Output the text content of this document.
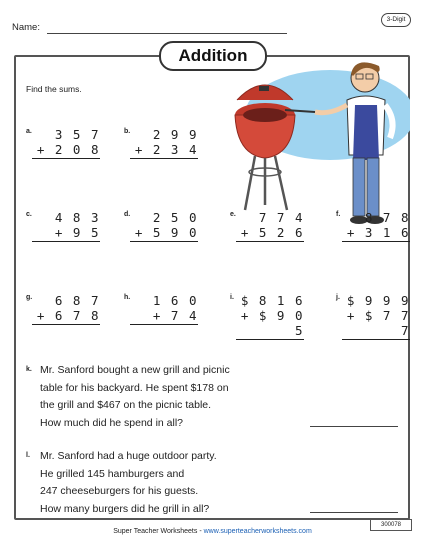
Name:
3-Digit
Addition
Find the sums.
a.	3 5 7
+ 2 0 8
b.	2 9 9
+ 2 3 4
c.	4 8 3
+ 9 5
d.	2 5 0
+ 5 9 0
e.	7 7 4
+ 5 2 6
f.	8 7 8
+ 3 1 6
g.	6 8 7
+ 6 7 8
h.	1 6 0
+ 7 4
i. $ 8 1 6
+ $ 9 0 5
j. $ 9 9 9
+ $ 7 7 7
k. Mr. Sanford bought a new grill and picnic
table for his backyard. He spent $178 on
the grill and $467 on the picnic table.
How much did he spend in all?
l. Mr. Sanford had a huge outdoor party.
He grilled 145 hamburgers and
247 cheeseburgers for his guests.
How many burgers did he grill in all?
300078
Super Teacher Worksheets - www.superteacherworksheets.com
